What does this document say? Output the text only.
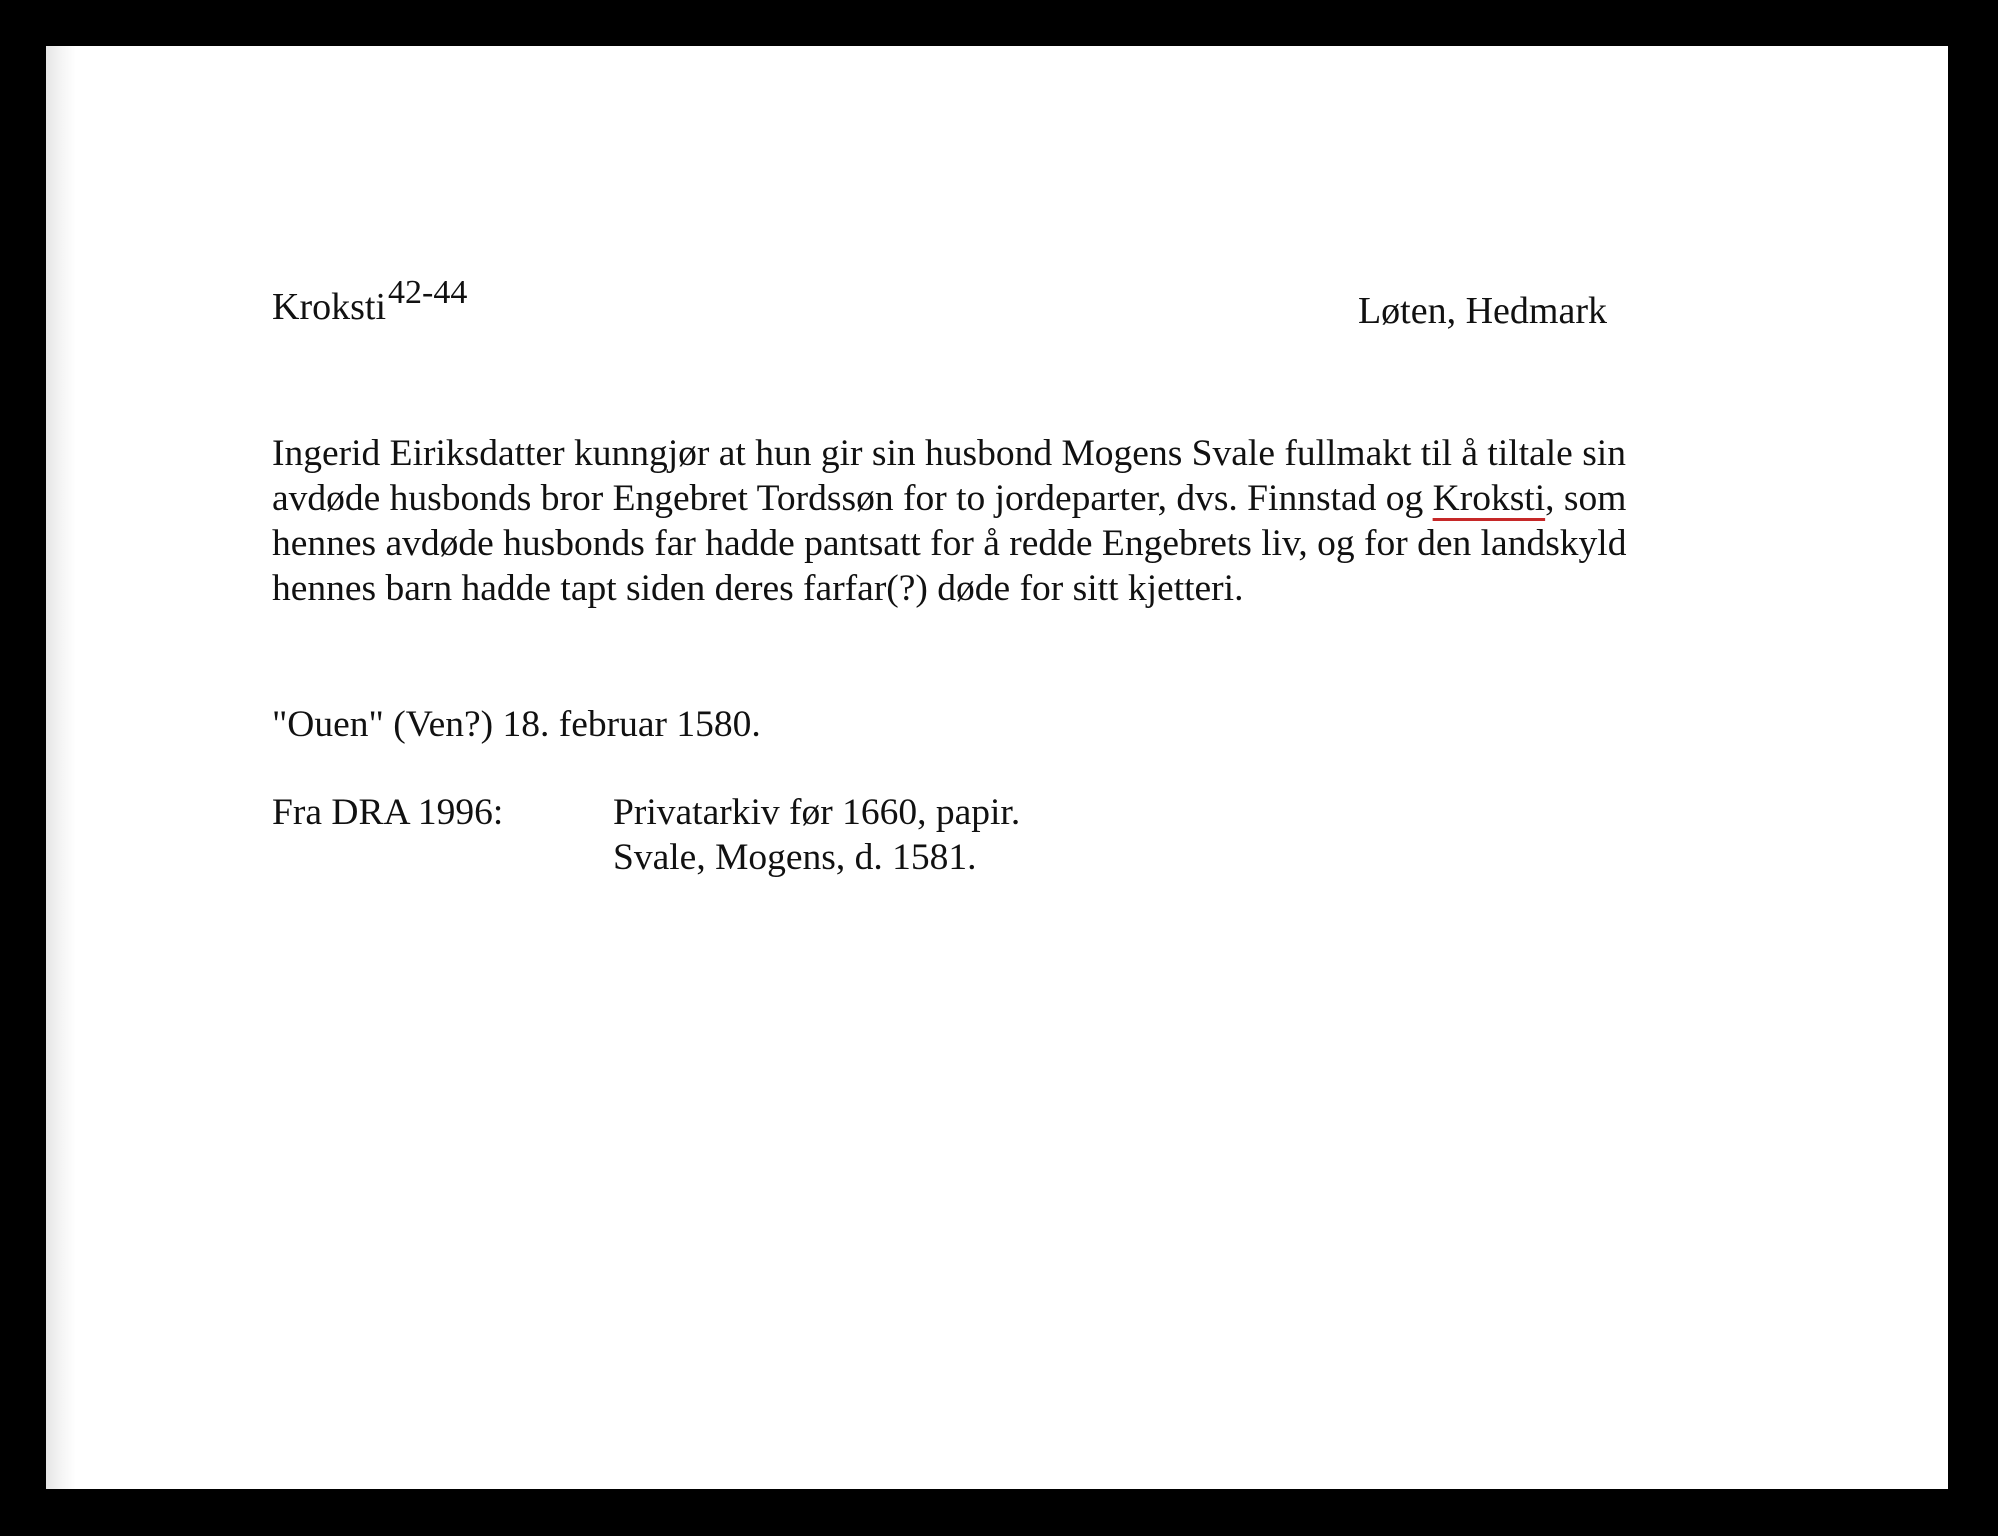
Kroksti$^{42-44}$	Løten, Hedmark
Ingerid Eiriksdatter kunngjør at hun gir sin husbond Mogens Svale fullmakt til å tiltale sin
avdøde husbonds bror Engebret Tordssøn for to jordeparter, dvs. Finnstad og Kroksti, som
hennes avdøde husbonds far hadde pantsatt for å redde Engebrets liv, og for den landskyld
hennes barn hadde tapt siden deres farfar(?) døde for sitt kjetteri.
"Ouen" (Ven?) 18. februar 1580.
Fra DRA 1996:	Privatarkiv før 1660, papir.
Svale, Mogens, d. 1581.
